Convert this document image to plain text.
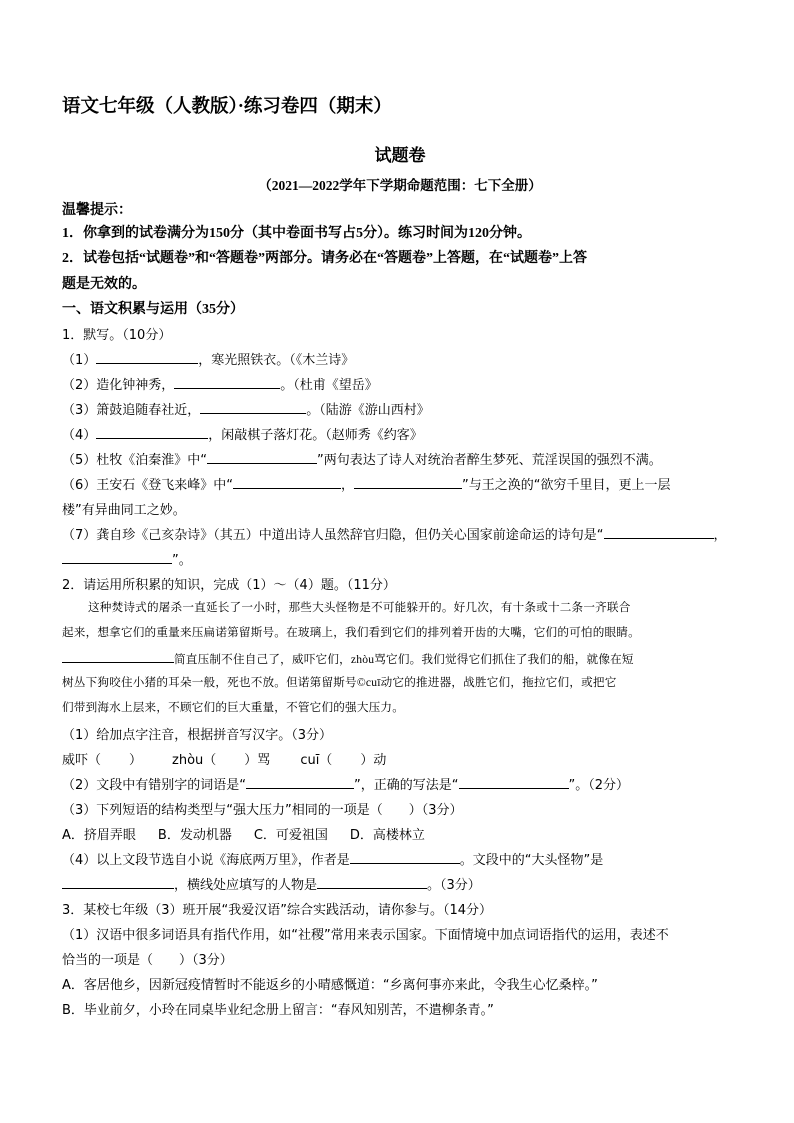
语文七年级（人教版）·练习卷四（期末）
试题卷
（2021—2022学年下学期命题范围：七下全册）
温馨提示：
1．你拿到的试卷满分为150分（其中卷面书写占5分）。练习时间为120分钟。
2．试卷包括“试题卷”和“答题卷”两部分。请务必在“答题卷”上答题，在“试题卷”上答
题是无效的。
一、语文积累与运用（35分）
1．默写。（10分）
（1）	，寒光照铁衣。（《木兰诗》
（2）造化钟神秀，	。（杜甫《望岳》
（3）箫鼓追随春社近，	。（陆游《游山西村》
（4）	，闲敲棋子落灯花。（赵师秀《约客》
（5）杜牧《泊秦淮》中“	”两句表达了诗人对统治者醉生梦死、荒淫误国的强烈不满。
（6）王安石《登飞来峰》中“	，	”与王之涣的“欲穷千里目，更上一层
楼”有异曲同工之妙。
（7）龚自珍《己亥杂诗》（其五）中道出诗人虽然辞官归隐，但仍关心国家前途命运的诗句是“	，
”。
2．请运用所积累的知识，完成（1）～（4）题。（11分）
这种焚诗式的屠杀一直延长了一小时，那些大头怪物是不可能躲开的。好几次，有十条或十二条一齐联合
起来，想拿它们的重量来压扁诺第留斯号。在玻璃上，我们看到它们的排列着开齿的大嘴，它们的可怕的眼睛。
简直压制不住自己了，威吓它们，zhòu骂它们。我们觉得它们抓住了我们的船，就像在短
树丛下狗咬住小猪的耳朵一般，死也不放。但诺第留斯号©cuī动它的推进器，战胜它们，拖拉它们，或把它
们带到海水上层来，不顾它们的巨大重量，不管它们的强大压力。
（1）给加点字注音，根据拼音写汉字。（3分）
威吓（ ） zhòu（ ）骂 cuī（ ）动
（2）文段中有错别字的词语是“	”，正确的写法是“	”。（2分）
（3）下列短语的结构类型与“强大压力”相同的一项是（　　）（3分）
A．挤眉弄眼 B．发动机器 C．可爱祖国 D．高楼林立
（4）以上文段节选自小说《海底两万里》，作者是	。文段中的“大头怪物”是
，横线处应填写的人物是	。（3分）
3．某校七年级（3）班开展“我爱汉语”综合实践活动，请你参与。（14分）
（1）汉语中很多词语具有指代作用，如“社稷”常用来表示国家。下面情境中加点词语指代的运用，表述不
恰当的一项是（　　）（3分）
A．客居他乡，因新冠疫情暂时不能返乡的小晴感慨道：“乡离何事亦来此，令我生心忆桑梓。”
B．毕业前夕，小玲在同桌毕业纪念册上留言：“春风知别苦，不遣柳条青。”
